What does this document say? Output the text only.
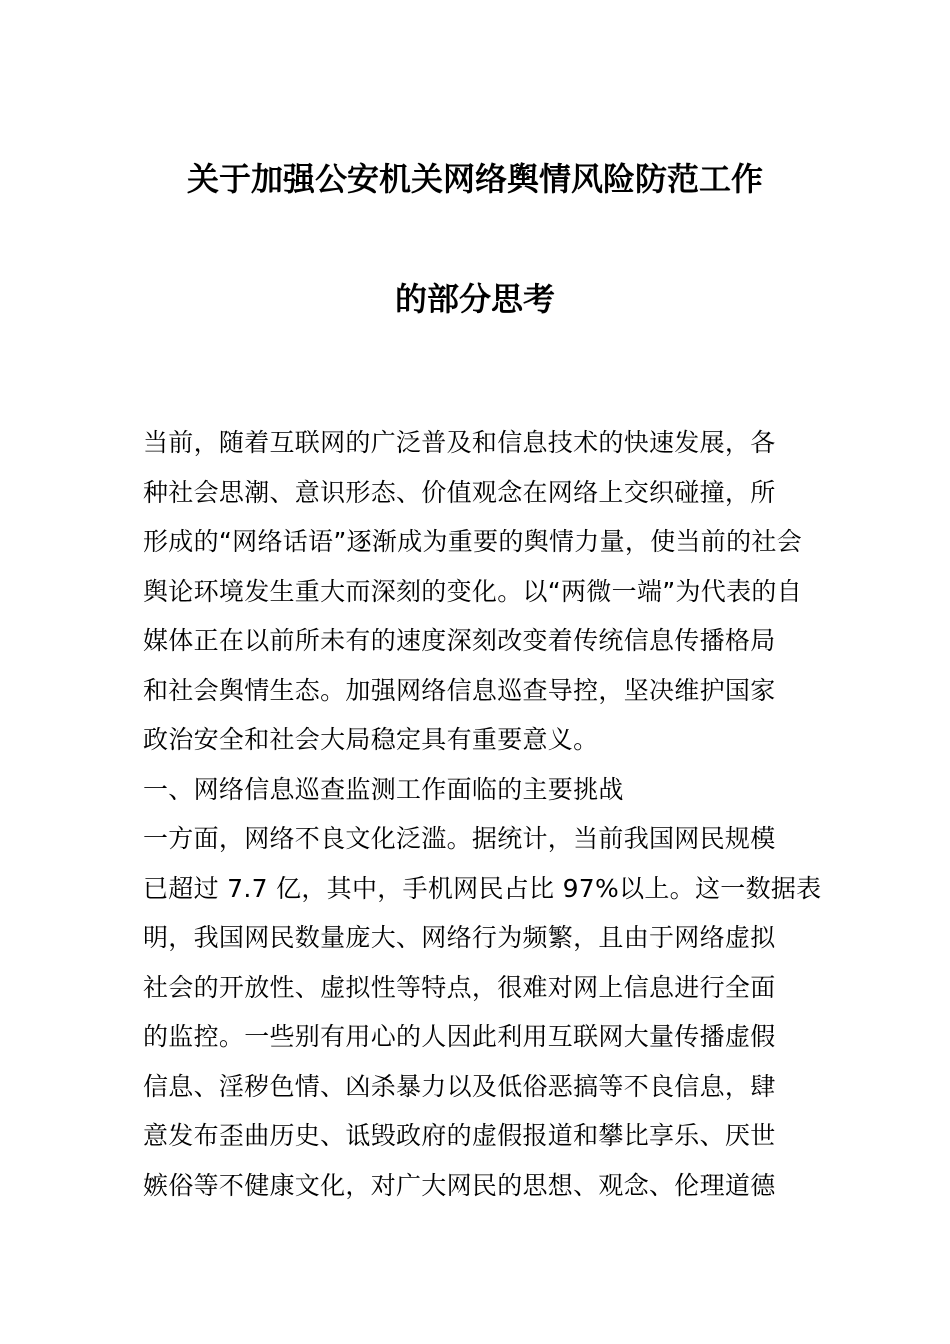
关于加强公安机关网络舆情风险防范工作
的部分思考
当前，随着互联网的广泛普及和信息技术的快速发展，各
种社会思潮、意识形态、价值观念在网络上交织碰撞，所
形成的“网络话语”逐渐成为重要的舆情力量，使当前的社会
舆论环境发生重大而深刻的变化。以“两微一端”为代表的自
媒体正在以前所未有的速度深刻改变着传统信息传播格局
和社会舆情生态。加强网络信息巡查导控，坚决维护国家
政治安全和社会大局稳定具有重要意义。
一、网络信息巡查监测工作面临的主要挑战
一方面，网络不良文化泛滥。据统计，当前我国网民规模
已超过 7.7 亿，其中，手机网民占比 97%以上。这一数据表
明，我国网民数量庞大、网络行为频繁，且由于网络虚拟
社会的开放性、虚拟性等特点，很难对网上信息进行全面
的监控。一些别有用心的人因此利用互联网大量传播虚假
信息、淫秽色情、凶杀暴力以及低俗恶搞等不良信息，肆
意发布歪曲历史、诋毁政府的虚假报道和攀比享乐、厌世
嫉俗等不健康文化，对广大网民的思想、观念、伦理道德
